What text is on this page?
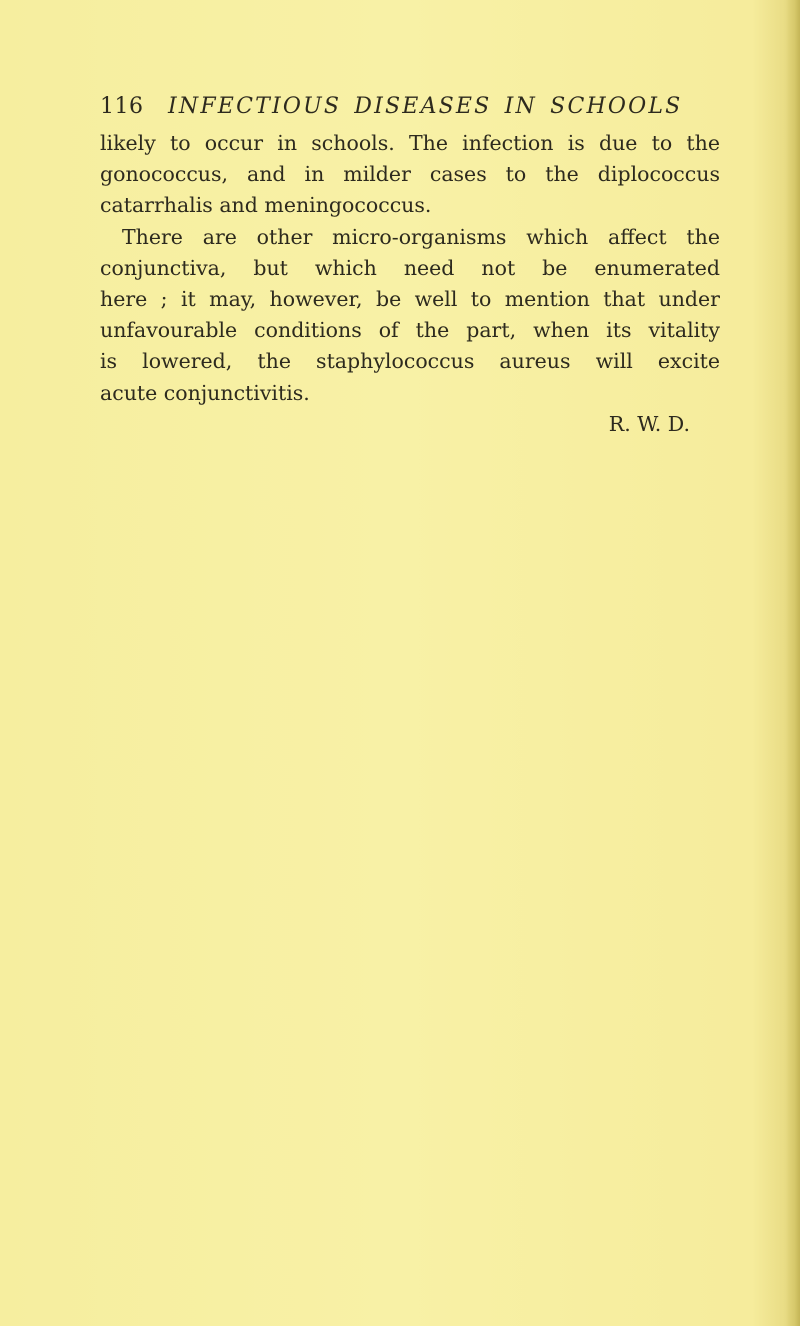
116 INFECTIOUS DISEASES IN SCHOOLS
likely to occur in schools. The infection is due to the
gonococcus, and in milder cases to the diplococcus
catarrhalis and meningococcus.
There are other micro-organisms which affect the
conjunctiva, but which need not be enumerated
here ; it may, however, be well to mention that under
unfavourable conditions of the part, when its vitality
is lowered, the staphylococcus aureus will excite
acute conjunctivitis.
R. W. D.
